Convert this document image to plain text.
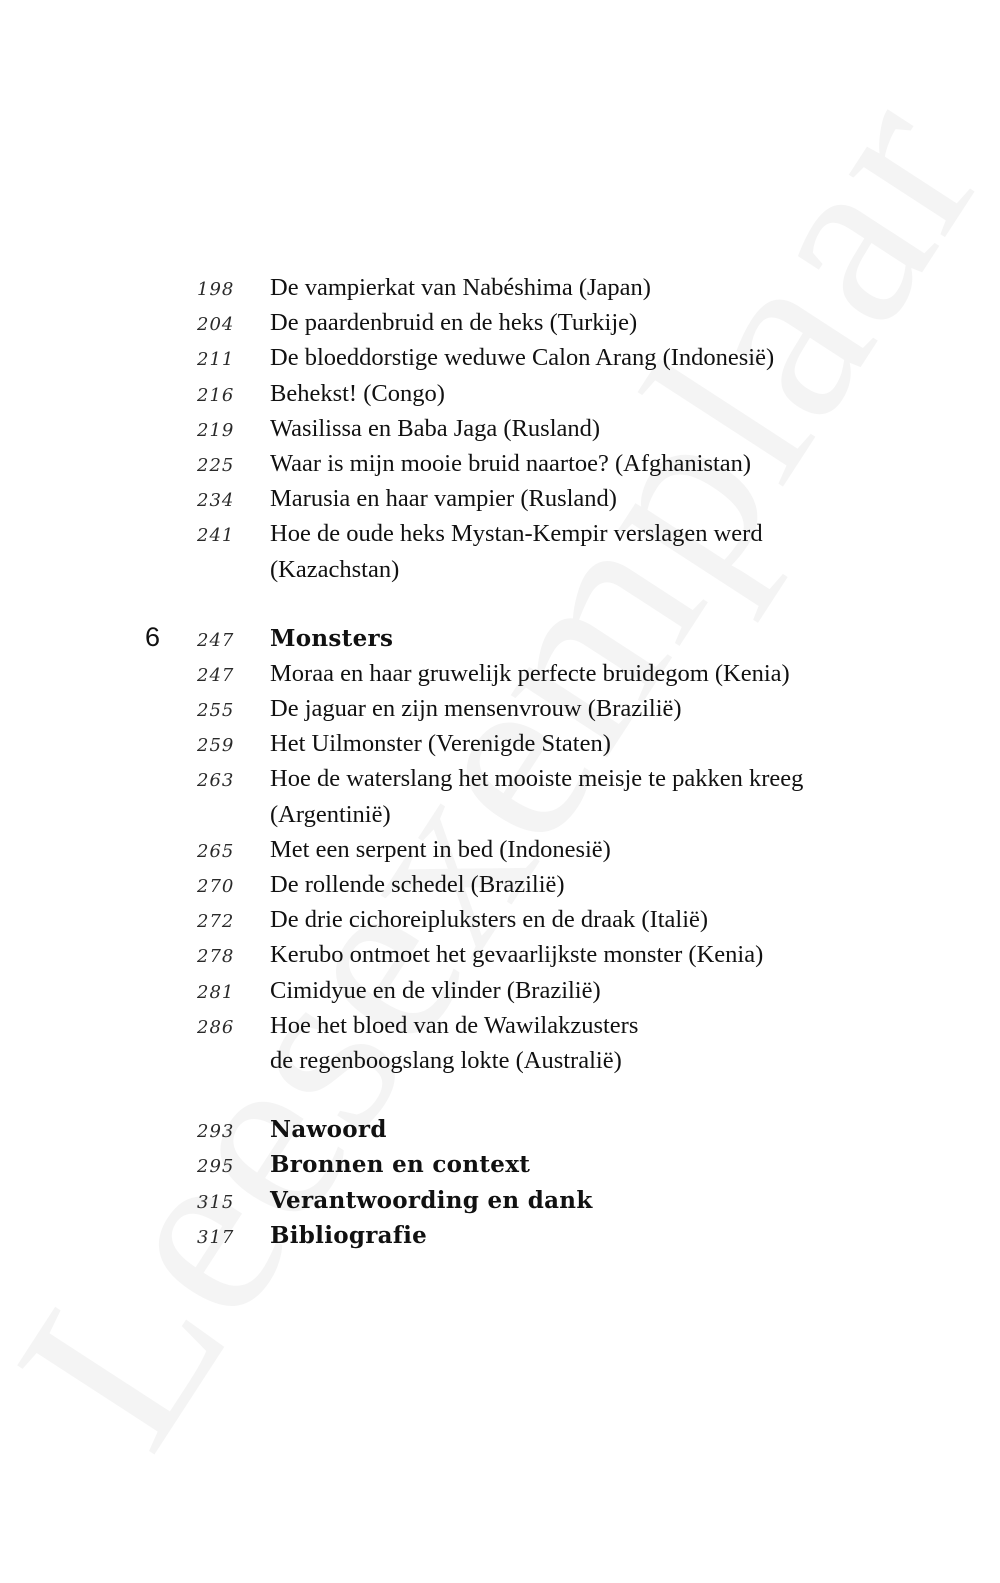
198 De vampierkat van Nabéshima (Japan)
204 De paardenbruid en de heks (Turkije)
211 De bloeddorstige weduwe Calon Arang (Indonesië)
216 Behekst! (Congo)
219 Wasilissa en Baba Jaga (Rusland)
225 Waar is mijn mooie bruid naartoe? (Afghanistan)
234 Marusia en haar vampier (Rusland)
241 Hoe de oude heks Mystan-Kempir verslagen werd
(Kazachstan)
6 247 Monsters
247 Moraa en haar gruwelijk perfecte bruidegom (Kenia)
255 De jaguar en zijn mensenvrouw (Brazilië)
259 Het Uilmonster (Verenigde Staten)
263 Hoe de waterslang het mooiste meisje te pakken kreeg
(Argentinië)
265 Met een serpent in bed (Indonesië)
270 De rollende schedel (Brazilië)
272 De drie cichoreipluksters en de draak (Italië)
278 Kerubo ontmoet het gevaarlijkste monster (Kenia)
281 Cimidyue en de vlinder (Brazilië)
286 Hoe het bloed van de Wawilakzusters
de regenboogslang lokte (Australië)
293 Nawoord
295 Bronnen en context
315 Verantwoording en dank
317 Bibliografie
